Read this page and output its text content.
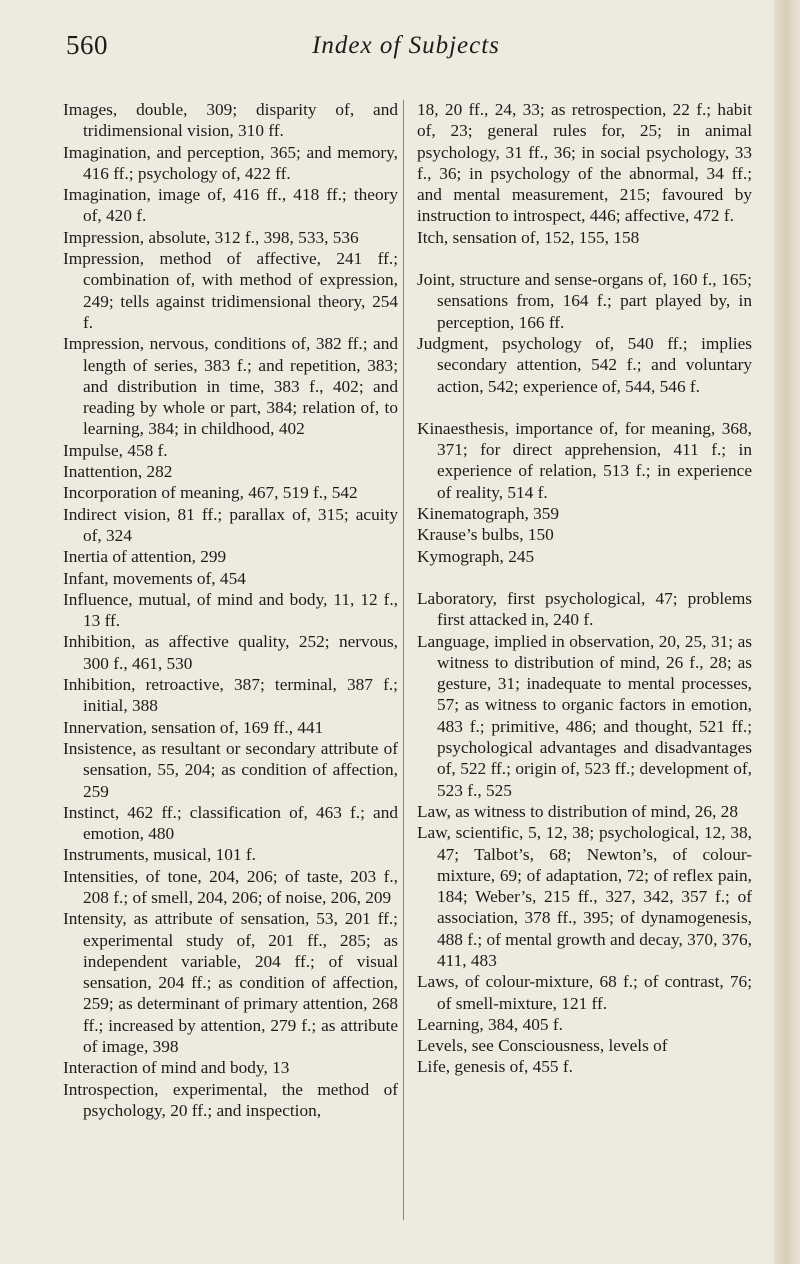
560	Index of Subjects

Images, double, 309; disparity of, and tridimensional vision, 310 ff.

Imagination, and perception, 365; and memory, 416 ff.; psychology of, 422 ff.

Imagination, image of, 416 ff., 418 ff.; theory of, 420 f.

Impression, absolute, 312 f., 398, 533, 536

Impression, method of affective, 241 ff.; combination of, with method of expression, 249; tells against tridimensional theory, 254 f.

Impression, nervous, conditions of, 382 ff.; and length of series, 383 f.; and repetition, 383; and distribution in time, 383 f., 402; and reading by whole or part, 384; relation of, to learning, 384; in childhood, 402

Impulse, 458 f.

Inattention, 282

Incorporation of meaning, 467, 519 f., 542

Indirect vision, 81 ff.; parallax of, 315; acuity of, 324

Inertia of attention, 299

Infant, movements of, 454

Influence, mutual, of mind and body, 11, 12 f., 13 ff.

Inhibition, as affective quality, 252; nervous, 300 f., 461, 530

Inhibition, retroactive, 387; terminal, 387 f.; initial, 388

Innervation, sensation of, 169 ff., 441

Insistence, as resultant or secondary attribute of sensation, 55, 204; as condition of affection, 259

Instinct, 462 ff.; classification of, 463 f.; and emotion, 480

Instruments, musical, 101 f.

Intensities, of tone, 204, 206; of taste, 203 f., 208 f.; of smell, 204, 206; of noise, 206, 209

Intensity, as attribute of sensation, 53, 201 ff.; experimental study of, 201 ff., 285; as independent variable, 204 ff.; of visual sensation, 204 ff.; as condition of affection, 259; as determinant of primary attention, 268 ff.; increased by attention, 279 f.; as attribute of image, 398

Interaction of mind and body, 13

Introspection, experimental, the method of psychology, 20 ff.; and inspection,

18, 20 ff., 24, 33; as retrospection, 22 f.; habit of, 23; general rules for, 25; in animal psychology, 31 ff., 36; in social psychology, 33 f., 36; in psychology of the abnormal, 34 ff.; and mental measurement, 215; favoured by instruction to introspect, 446; affective, 472 f.

Itch, sensation of, 152, 155, 158

Joint, structure and sense-organs of, 160 f., 165; sensations from, 164 f.; part played by, in perception, 166 ff.

Judgment, psychology of, 540 ff.; implies secondary attention, 542 f.; and voluntary action, 542; experience of, 544, 546 f.

Kinaesthesis, importance of, for meaning, 368, 371; for direct apprehension, 411 f.; in experience of relation, 513 f.; in experience of reality, 514 f.

Kinematograph, 359

Krause’s bulbs, 150

Kymograph, 245

Laboratory, first psychological, 47; problems first attacked in, 240 f.

Language, implied in observation, 20, 25, 31; as witness to distribution of mind, 26 f., 28; as gesture, 31; inadequate to mental processes, 57; as witness to organic factors in emotion, 483 f.; primitive, 486; and thought, 521 ff.; psychological advantages and disadvantages of, 522 ff.; origin of, 523 ff.; development of, 523 f., 525

Law, as witness to distribution of mind, 26, 28

Law, scientific, 5, 12, 38; psychological, 12, 38, 47; Talbot’s, 68; Newton’s, of colour-mixture, 69; of adaptation, 72; of reflex pain, 184; Weber’s, 215 ff., 327, 342, 357 f.; of association, 378 ff., 395; of dynamogenesis, 488 f.; of mental growth and decay, 370, 376, 411, 483

Laws, of colour-mixture, 68 f.; of contrast, 76; of smell-mixture, 121 ff.

Learning, 384, 405 f.

Levels, see Consciousness, levels of

Life, genesis of, 455 f.
